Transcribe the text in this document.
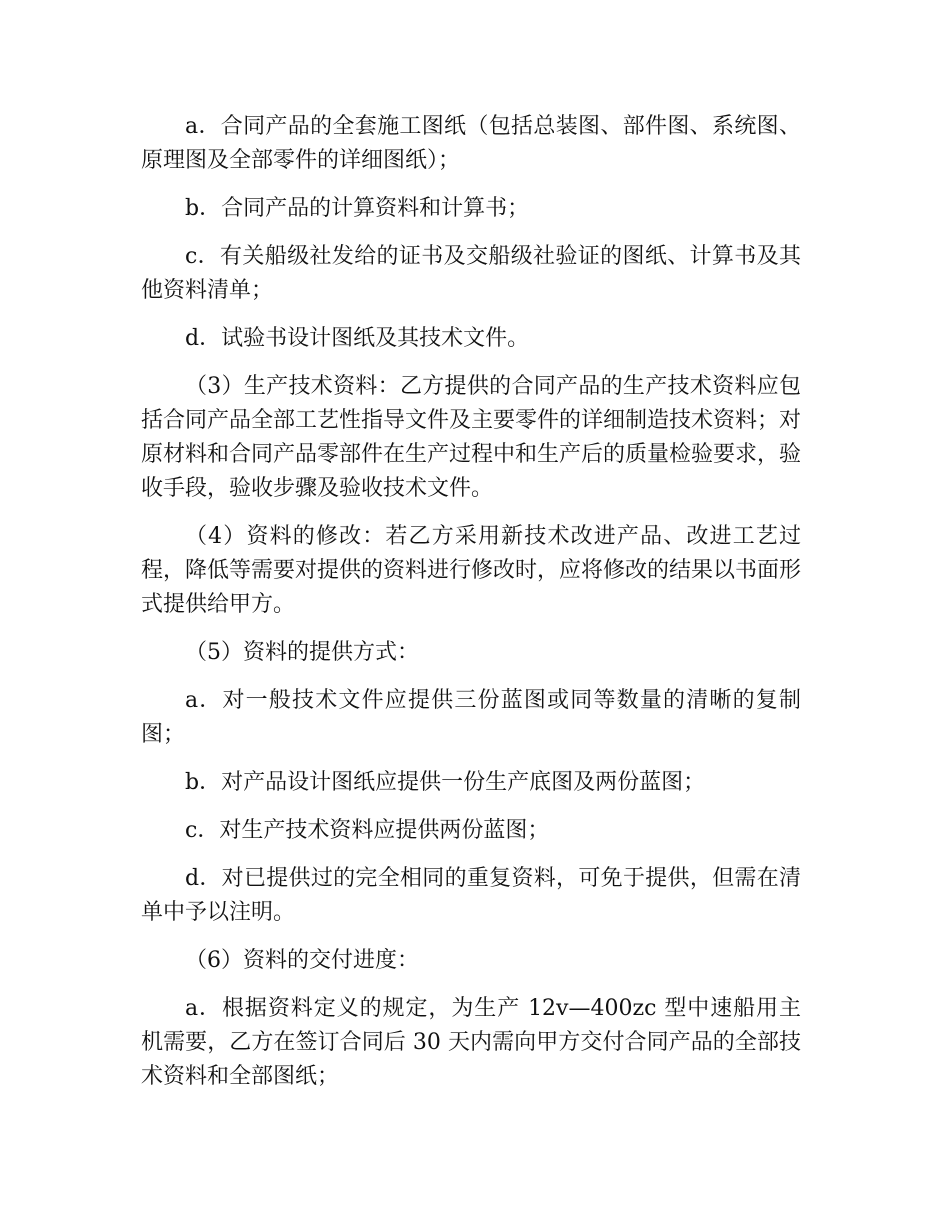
a．合同产品的全套施工图纸（包括总装图、部件图、系统图、原理图及全部零件的详细图纸）；

b．合同产品的计算资料和计算书；

c．有关船级社发给的证书及交船级社验证的图纸、计算书及其他资料清单；

d．试验书设计图纸及其技术文件。

（3）生产技术资料：乙方提供的合同产品的生产技术资料应包括合同产品全部工艺性指导文件及主要零件的详细制造技术资料；对原材料和合同产品零部件在生产过程中和生产后的质量检验要求，验收手段，验收步骤及验收技术文件。

（4）资料的修改：若乙方采用新技术改进产品、改进工艺过程，降低等需要对提供的资料进行修改时，应将修改的结果以书面形式提供给甲方。

（5）资料的提供方式：

a．对一般技术文件应提供三份蓝图或同等数量的清晰的复制图；

b．对产品设计图纸应提供一份生产底图及两份蓝图；

c．对生产技术资料应提供两份蓝图；

d．对已提供过的完全相同的重复资料，可免于提供，但需在清单中予以注明。

（6）资料的交付进度：

a．根据资料定义的规定，为生产 12v—400zc 型中速船用主机需要，乙方在签订合同后 30 天内需向甲方交付合同产品的全部技术资料和全部图纸；
